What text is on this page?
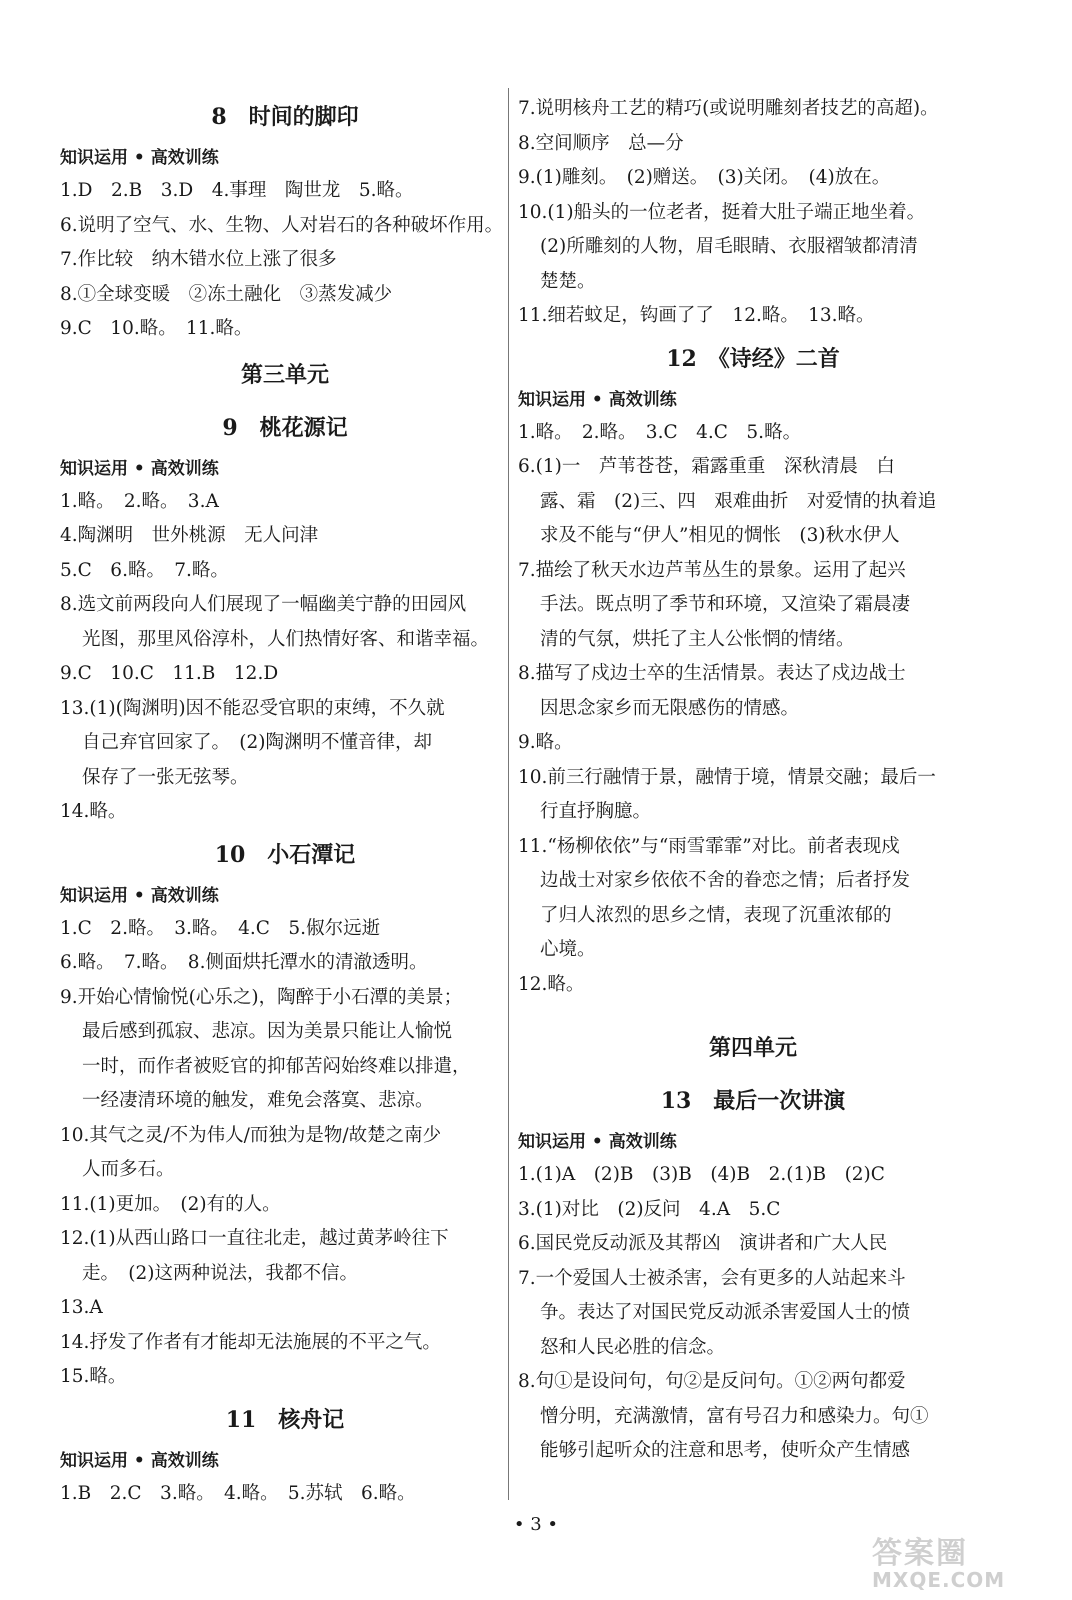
8　时间的脚印
知识运用 • 高效训练
1.D　2.B　3.D　4.事理　陶世龙　5.略。
6.说明了空气、水、生物、人对岩石的各种破坏作用。
7.作比较　纳木错水位上涨了很多
8.①全球变暖　②冻土融化　③蒸发减少
9.C　10.略。　11.略。
第三单元
9　桃花源记
知识运用 • 高效训练
1.略。　2.略。　3.A
4.陶渊明　世外桃源　无人问津
5.C　6.略。　7.略。
8.选文前两段向人们展现了一幅幽美宁静的田园风
光图，那里风俗淳朴，人们热情好客、和谐幸福。
9.C　10.C　11.B　12.D
13.(1)(陶渊明)因不能忍受官职的束缚，不久就
自己弃官回家了。　(2)陶渊明不懂音律，却
保存了一张无弦琴。
14.略。
10　小石潭记
知识运用 • 高效训练
1.C　2.略。　3.略。　4.C　5.俶尔远逝
6.略。　7.略。　8.侧面烘托潭水的清澈透明。
9.开始心情愉悦(心乐之)，陶醉于小石潭的美景；
最后感到孤寂、悲凉。因为美景只能让人愉悦
一时，而作者被贬官的抑郁苦闷始终难以排遣，
一经凄清环境的触发，难免会落寞、悲凉。
10.其气之灵/不为伟人/而独为是物/故楚之南少
人而多石。
11.(1)更加。　(2)有的人。
12.(1)从西山路口一直往北走，越过黄茅岭往下
走。　(2)这两种说法，我都不信。
13.A
14.抒发了作者有才能却无法施展的不平之气。
15.略。
11　核舟记
知识运用 • 高效训练
1.B　2.C　3.略。　4.略。　5.苏轼　6.略。
7.说明核舟工艺的精巧(或说明雕刻者技艺的高超)。
8.空间顺序　总—分
9.(1)雕刻。　(2)赠送。　(3)关闭。　(4)放在。
10.(1)船头的一位老者，挺着大肚子端正地坐着。
(2)所雕刻的人物，眉毛眼睛、衣服褶皱都清清
楚楚。
11.细若蚊足，钩画了了　12.略。　13.略。
12　《诗经》二首
知识运用 • 高效训练
1.略。　2.略。　3.C　4.C　5.略。
6.(1)一　芦苇苍苍，霜露重重　深秋清晨　白
露、霜　(2)三、四　艰难曲折　对爱情的执着追
求及不能与“伊人”相见的惆怅　(3)秋水伊人
7.描绘了秋天水边芦苇丛生的景象。运用了起兴
手法。既点明了季节和环境，又渲染了霜晨凄
清的气氛，烘托了主人公怅惘的情绪。
8.描写了戍边士卒的生活情景。表达了戍边战士
因思念家乡而无限感伤的情感。
9.略。
10.前三行融情于景，融情于境，情景交融；最后一
行直抒胸臆。
11.“杨柳依依”与“雨雪霏霏”对比。前者表现戍
边战士对家乡依依不舍的眷恋之情；后者抒发
了归人浓烈的思乡之情，表现了沉重浓郁的
心境。
12.略。
第四单元
13　最后一次讲演
知识运用 • 高效训练
1.(1)A　(2)B　(3)B　(4)B　2.(1)B　(2)C
3.(1)对比　(2)反问　4.A　5.C
6.国民党反动派及其帮凶　演讲者和广大人民
7.一个爱国人士被杀害，会有更多的人站起来斗
争。表达了对国民党反动派杀害爱国人士的愤
怒和人民必胜的信念。
8.句①是设问句，句②是反问句。①②两句都爱
憎分明，充满激情，富有号召力和感染力。句①
能够引起听众的注意和思考，使听众产生情感
• 3 •
答案圈
MXQE.COM
